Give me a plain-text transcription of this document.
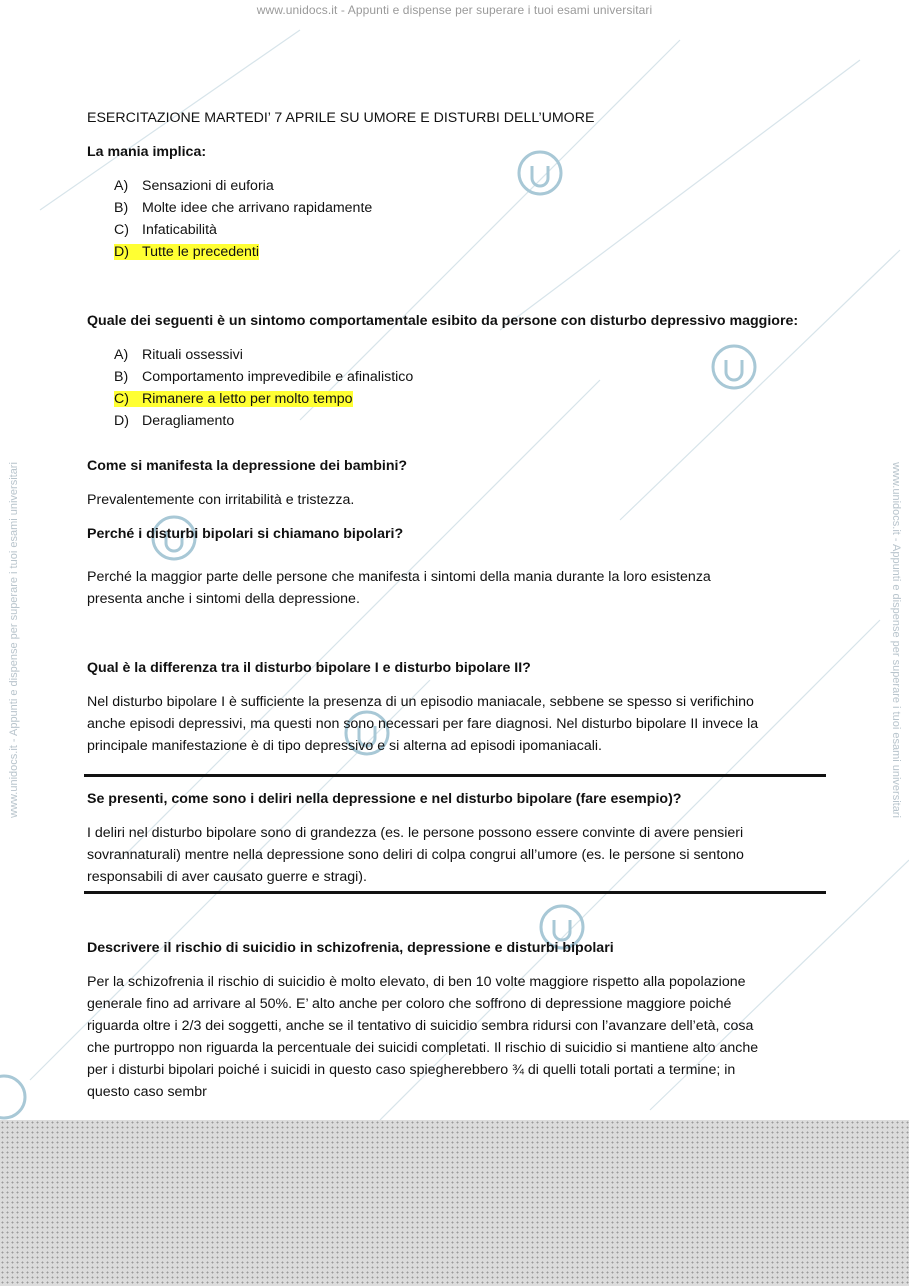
www.unidocs.it - Appunti e dispense per superare i tuoi esami universitari
www.unidocs.it - Appunti e dispense per superare i tuoi esami universitari	www.unidocs.it - Appunti e dispense per superare i tuoi esami universitari

ESERCITAZIONE MARTEDI’ 7 APRILE SU UMORE E DISTURBI DELL’UMORE

La mania implica:

A) Sensazioni di euforia
B) Molte idee che arrivano rapidamente
C) Infaticabilità
D) Tutte le precedenti

Quale dei seguenti è un sintomo comportamentale esibito da persone con disturbo depressivo maggiore:

A) Rituali ossessivi
B) Comportamento imprevedibile e afinalistico
C) Rimanere a letto per molto tempo
D) Deragliamento

Come si manifesta la depressione dei bambini?

Prevalentemente con irritabilità e tristezza.

Perché i disturbi bipolari si chiamano bipolari?

Perché la maggior parte delle persone che manifesta i sintomi della mania durante la loro esistenza

presenta anche i sintomi della depressione.

Qual è la differenza tra il disturbo bipolare I e disturbo bipolare II?

Nel disturbo bipolare I è sufficiente la presenza di un episodio maniacale, sebbene se spesso si verifichino

anche episodi depressivi, ma questi non sono necessari per fare diagnosi. Nel disturbo bipolare II invece la

principale manifestazione è di tipo depressivo e si alterna ad episodi ipomaniacali.

Se presenti, come sono i deliri nella depressione e nel disturbo bipolare (fare esempio)?

I deliri nel disturbo bipolare sono di grandezza (es. le persone possono essere convinte di avere pensieri

sovrannaturali) mentre nella depressione sono deliri di colpa congrui all’umore (es. le persone si sentono

responsabili di aver causato guerre e stragi).

Descrivere il rischio di suicidio in schizofrenia, depressione e disturbi bipolari

Per la schizofrenia il rischio di suicidio è molto elevato, di ben 10 volte maggiore rispetto alla popolazione

generale fino ad arrivare al 50%. E’ alto anche per coloro che soffrono di depressione maggiore poiché

riguarda oltre i 2/3 dei soggetti, anche se il tentativo di suicidio sembra ridursi con l’avanzare dell’età, cosa

che purtroppo non riguarda la percentuale dei suicidi completati. Il rischio di suicidio si mantiene alto anche

per i disturbi bipolari poiché i suicidi in questo caso spiegherebbero ¾ di quelli totali portati a termine; in

questo caso sembr
